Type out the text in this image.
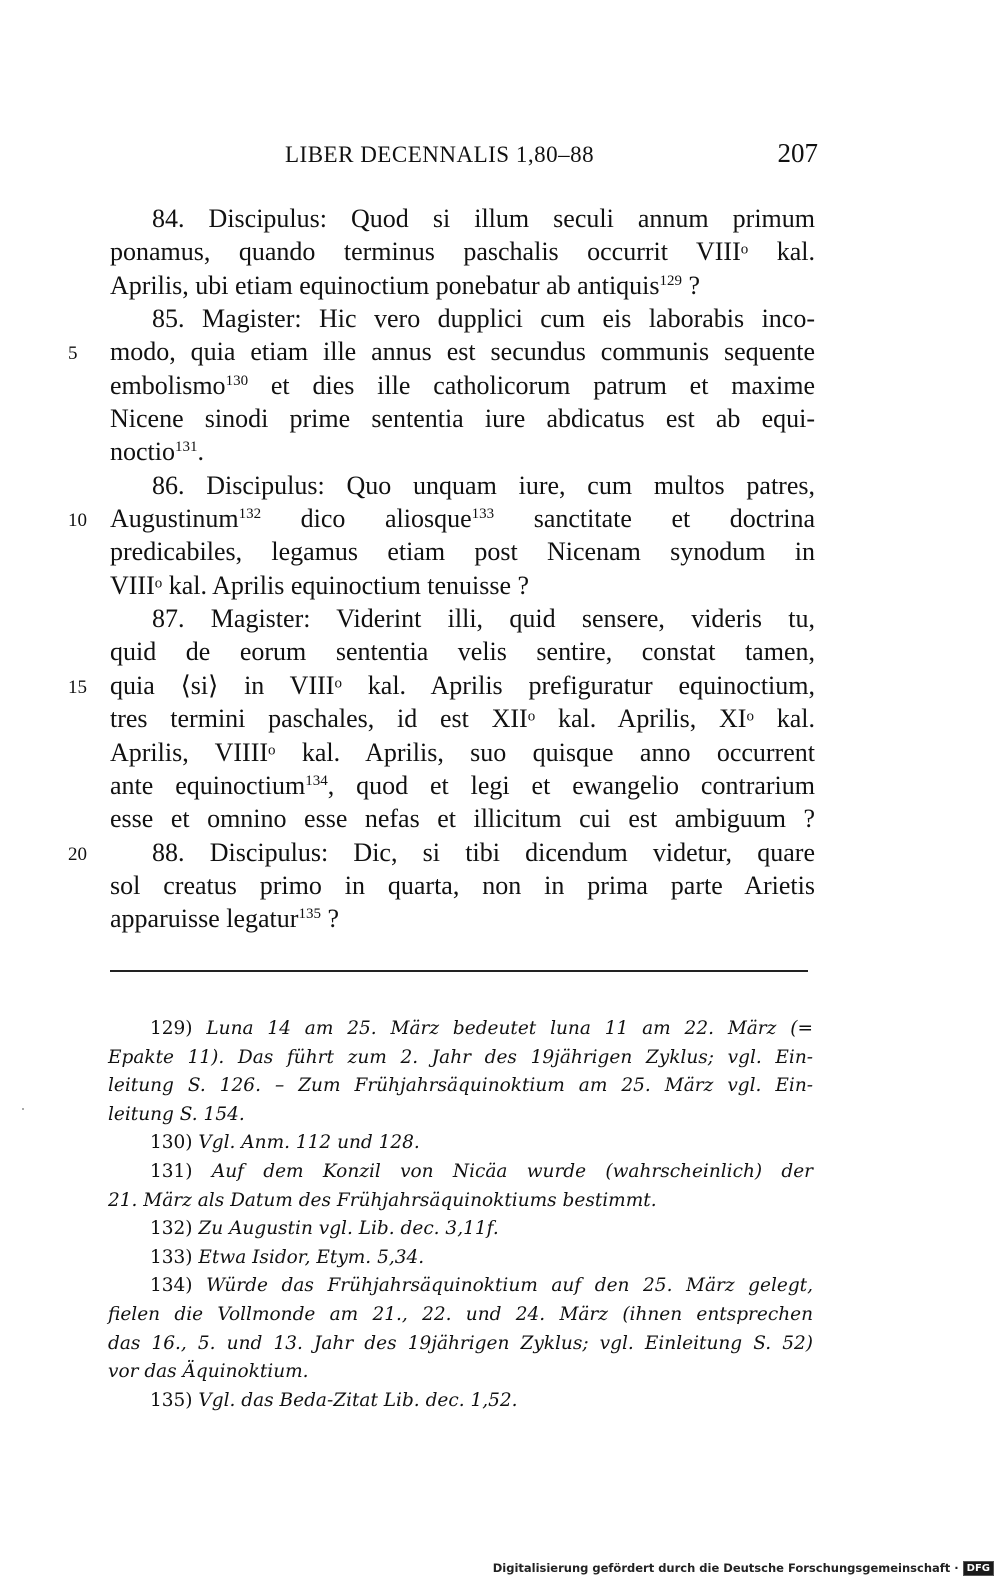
LIBER DECENNALIS 1,80–88	207
84. Discipulus: Quod si illum seculi annum primum
ponamus, quando terminus paschalis occurrit VIII$^o$ kal.
Aprilis, ubi etiam equinoctium ponebatur ab antiquis$^{129}$ ?
85. Magister: Hic vero dupplici cum eis laborabis inco-
5	modo, quia etiam ille annus est secundus communis sequente
embolismo$^{130}$ et dies ille catholicorum patrum et maxime
Nicene sinodi prime sententia iure abdicatus est ab equi-
noctio$^{131}$.
86. Discipulus: Quo unquam iure, cum multos patres,
10 Augustinum$^{132}$ dico aliosque$^{133}$ sanctitate et doctrina
predicabiles, legamus etiam post Nicenam synodum in
VIII$^o$ kal. Aprilis equinoctium tenuisse ?
87. Magister: Viderint illi, quid sensere, videris tu,
quid de eorum sententia velis sentire, constat tamen,
15 quia ⟨si⟩ in VIII$^o$ kal. Aprilis prefiguratur equinoctium,
tres termini paschales, id est XII$^o$ kal. Aprilis, $XI^o$ kal.
Aprilis, VIIII$^o$ kal. Aprilis, suo quisque anno occurrent
ante equinoctium$^{134}$, quod et legi et ewangelio contrarium
esse et omnino esse nefas et illicitum cui est ambiguum ?
20	88. Discipulus: Dic, si tibi dicendum videtur, quare
sol creatus primo in quarta, non in prima parte Arietis
apparuisse legatur$^{135}$ ?
129) Luna 14 am 25. März bedeutet luna 11 am 22. März (=
Epakte 11). Das führt zum 2. Jahr des 19jährigen Zyklus; vgl. Ein-
leitung S. 126. – Zum Frühjahrsäquinoktium am 25. März vgl. Ein-
leitung S. 154.
130) Vgl. Anm. 112 und 128.
131) Auf dem Konzil von Nicäa wurde (wahrscheinlich) der
21. März als Datum des Frühjahrsäquinoktiums bestimmt.
132) Zu Augustin vgl. Lib. dec. 3,11f.
133) Etwa Isidor, Etym. 5,34.
134) Würde das Frühjahrsäquinoktium auf den 25. März gelegt,
fielen die Vollmonde am 21., 22. und 24. März (ihnen entsprechen
das 16., 5. und 13. Jahr des 19jährigen Zyklus; vgl. Einleitung S. 52)
vor das Äquinoktium.
135) Vgl. das Beda-Zitat Lib. dec. 1,52.
Digitalisierung gefördert durch die Deutsche Forschungsgemeinschaft · DFG
